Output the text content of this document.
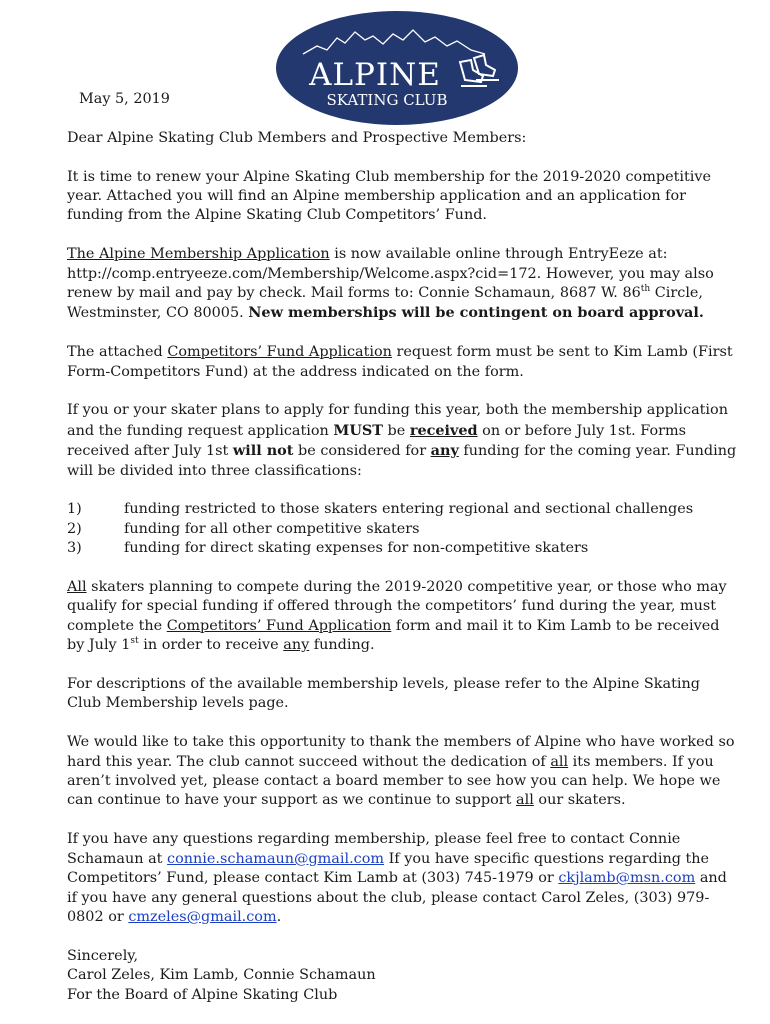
ALPINE
SKATING CLUB

May 5, 2019

Dear Alpine Skating Club Members and Prospective Members:

It is time to renew your Alpine Skating Club membership for the 2019-2020 competitive year. Attached you will find an Alpine membership application and an application for funding from the Alpine Skating Club Competitors’ Fund.

The Alpine Membership Application is now available online through EntryEeze at: http://comp.entryeeze.com/Membership/Welcome.aspx?cid=172. However, you may also renew by mail and pay by check. Mail forms to: Connie Schamaun, 8687 W. 86th Circle, Westminster, CO 80005. New memberships will be contingent on board approval.

The attached Competitors’ Fund Application request form must be sent to Kim Lamb (First Form-Competitors Fund) at the address indicated on the form.

If you or your skater plans to apply for funding this year, both the membership application and the funding request application MUST be received on or before July 1st. Forms received after July 1st will not be considered for any funding for the coming year. Funding will be divided into three classifications:

1)	funding restricted to those skaters entering regional and sectional challenges
2)	funding for all other competitive skaters
3)	funding for direct skating expenses for non-competitive skaters

All skaters planning to compete during the 2019-2020 competitive year, or those who may qualify for special funding if offered through the competitors’ fund during the year, must complete the Competitors’ Fund Application form and mail it to Kim Lamb to be received by July 1st in order to receive any funding.

For descriptions of the available membership levels, please refer to the Alpine Skating Club Membership levels page.

We would like to take this opportunity to thank the members of Alpine who have worked so hard this year. The club cannot succeed without the dedication of all its members. If you aren’t involved yet, please contact a board member to see how you can help. We hope we can continue to have your support as we continue to support all our skaters.

If you have any questions regarding membership, please feel free to contact Connie Schamaun at connie.schamaun@gmail.com If you have specific questions regarding the Competitors’ Fund, please contact Kim Lamb at (303) 745-1979 or ckjlamb@msn.com and if you have any general questions about the club, please contact Carol Zeles, (303) 979-0802 or cmzeles@gmail.com.

Sincerely,

Carol Zeles, Kim Lamb, Connie Schamaun

For the Board of Alpine Skating Club
